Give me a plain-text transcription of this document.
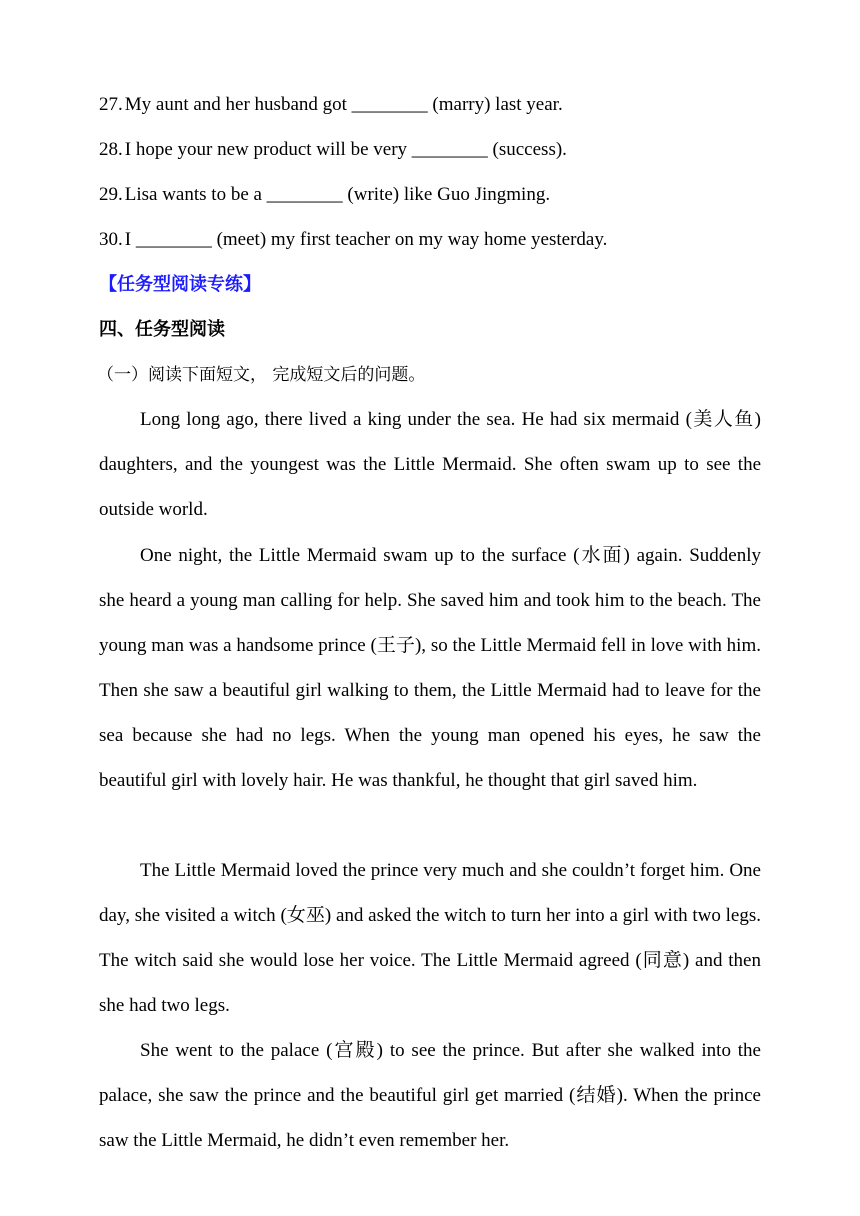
27. My aunt and her husband got ________ (marry) last year.
28. I hope your new product will be very ________ (success).
29. Lisa wants to be a ________ (write) like Guo Jingming.
30. I ________ (meet) my first teacher on my way home yesterday.
【任务型阅读专练】
四、任务型阅读
（一）阅读下面短文， 完成短文后的问题。

Long long ago, there lived a king under the sea. He had six mermaid (美人鱼) daughters, and the youngest was the Little Mermaid. She often swam up to see the outside world.

One night, the Little Mermaid swam up to the surface (水面) again. Suddenly she heard a young man calling for help. She saved him and took him to the beach. The young man was a handsome prince (王子), so the Little Mermaid fell in love with him. Then she saw a beautiful girl walking to them, the Little Mermaid had to leave for the sea because she had no legs. When the young man opened his eyes, he saw the beautiful girl with lovely hair. He was thankful, he thought that girl saved him.

The Little Mermaid loved the prince very much and she couldn’t forget him. One day, she visited a witch (女巫) and asked the witch to turn her into a girl with two legs. The witch said she would lose her voice. The Little Mermaid agreed (同意) and then she had two legs.

She went to the palace (宫殿) to see the prince. But after she walked into the palace, she saw the prince and the beautiful girl get married (结婚). When the prince saw the Little Mermaid, he didn’t even remember her.
